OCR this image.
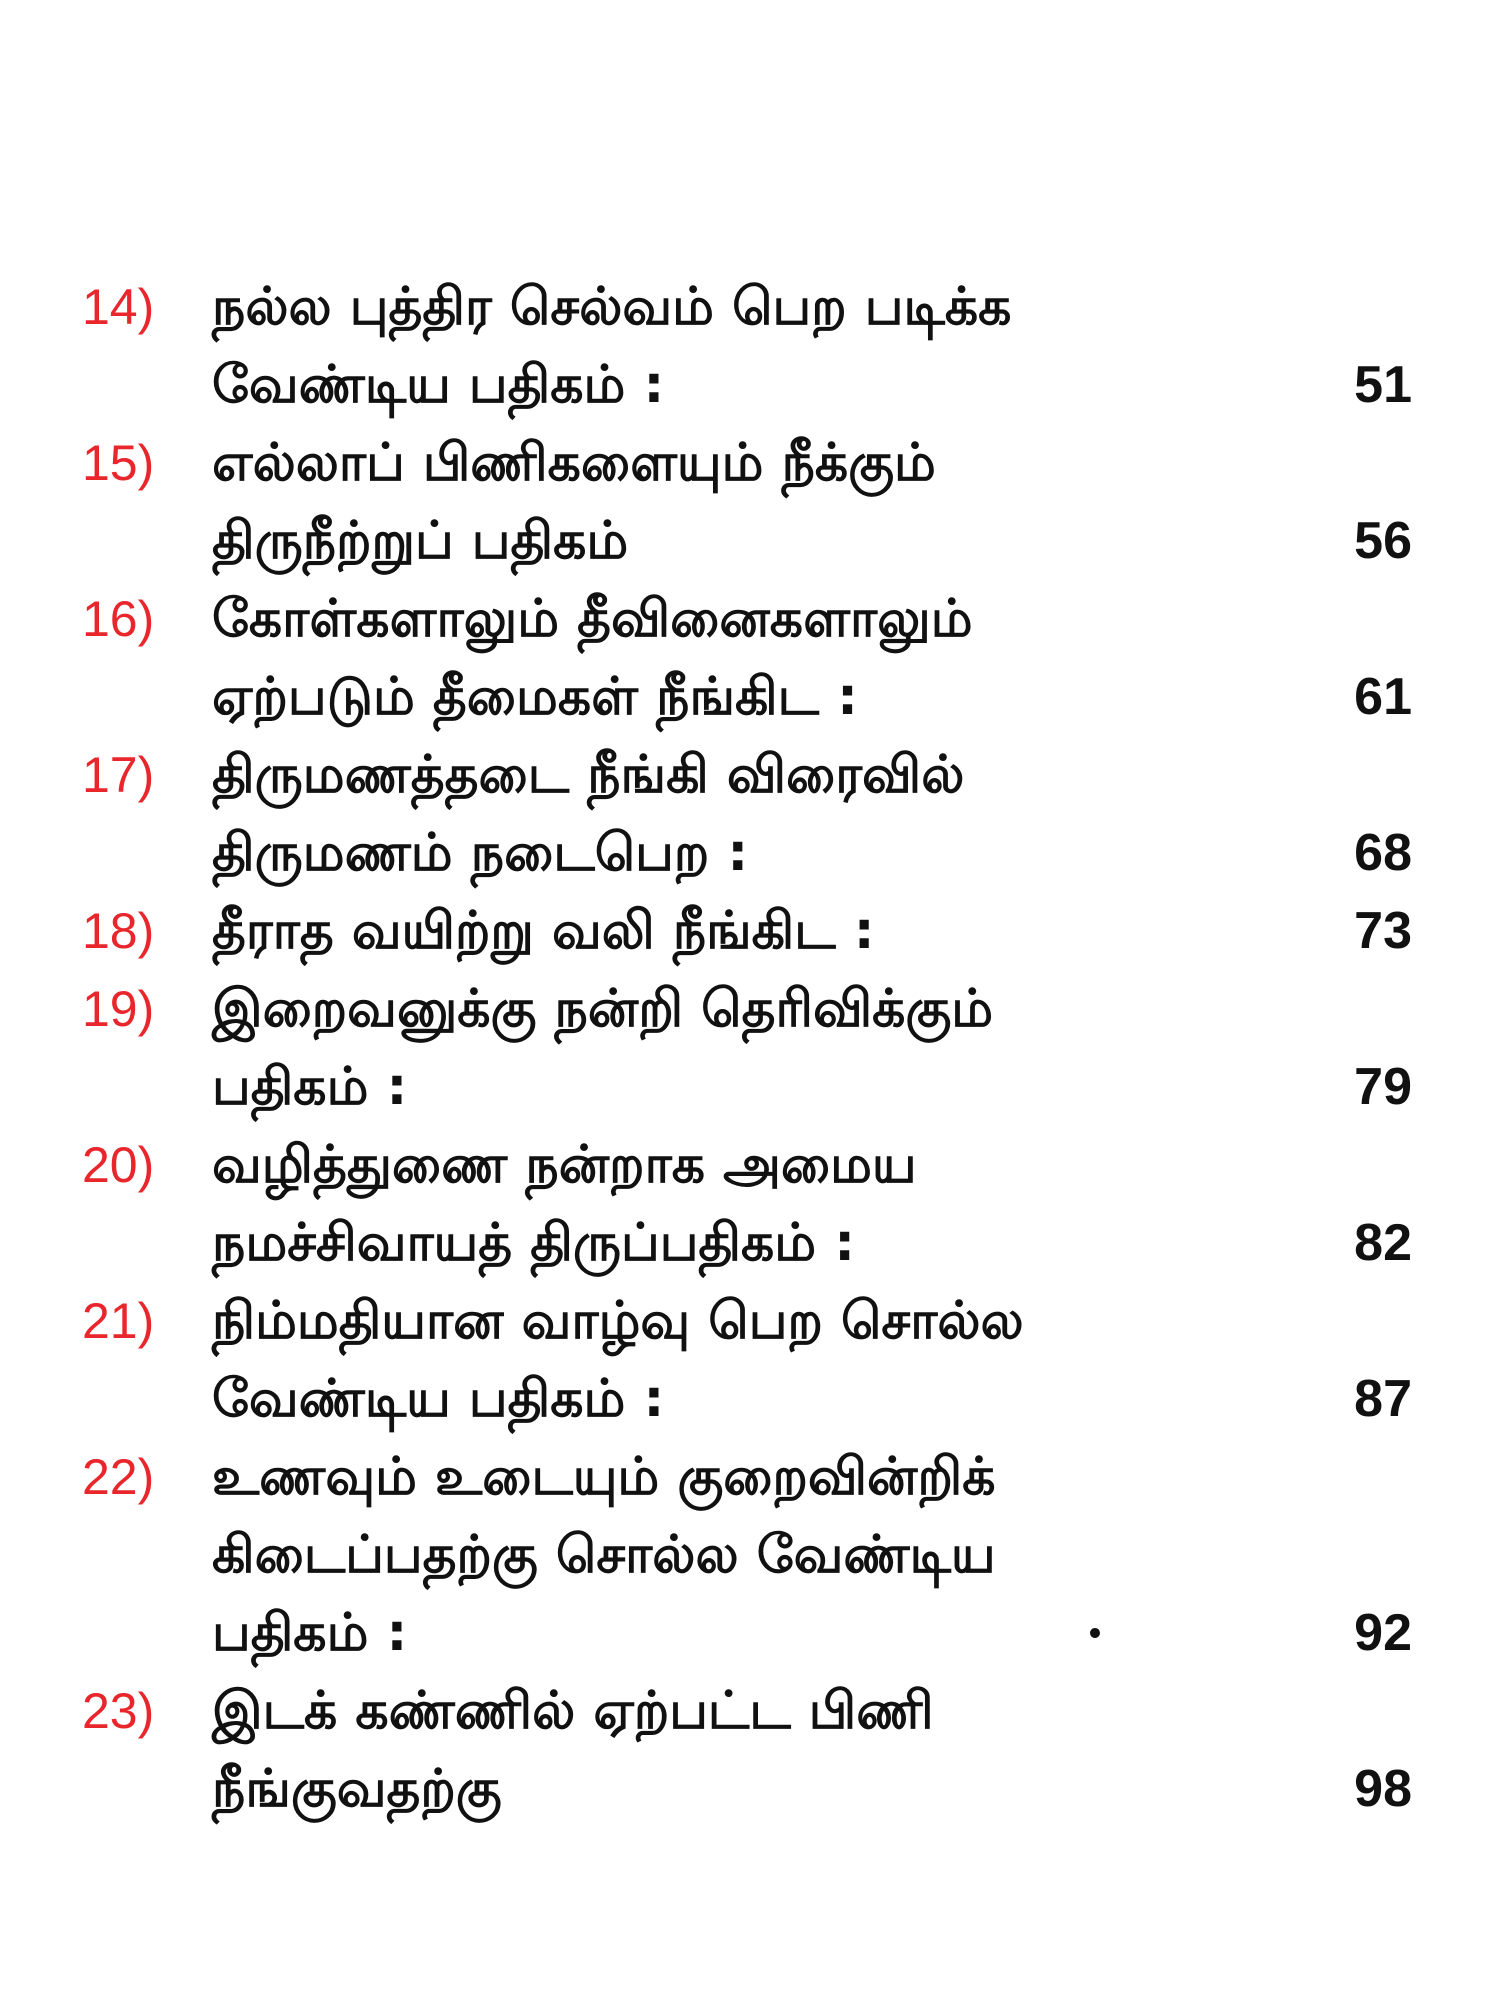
14)	நல்ல புத்திர செல்வம் பெற படிக்க
வேண்டிய பதிகம் :	51
15)	எல்லாப் பிணிகளையும் நீக்கும்
திருநீற்றுப் பதிகம்	56
16)	கோள்களாலும் தீவினைகளாலும்
ஏற்படும் தீமைகள் நீங்கிட :	61
17)	திருமணத்தடை நீங்கி விரைவில்
திருமணம் நடைபெற :	68
18)	தீராத வயிற்று வலி நீங்கிட :	73
19)	இறைவனுக்கு நன்றி தெரிவிக்கும்
பதிகம் :	79
20)	வழித்துணை நன்றாக அமைய
நமச்சிவாயத் திருப்பதிகம் :	82
21)	நிம்மதியான வாழ்வு பெற சொல்ல
வேண்டிய பதிகம் :	87
22)	உணவும் உடையும் குறைவின்றிக்
கிடைப்பதற்கு சொல்ல வேண்டிய
பதிகம் :	92
23)	இடக் கண்ணில் ஏற்பட்ட பிணி
நீங்குவதற்கு	98
